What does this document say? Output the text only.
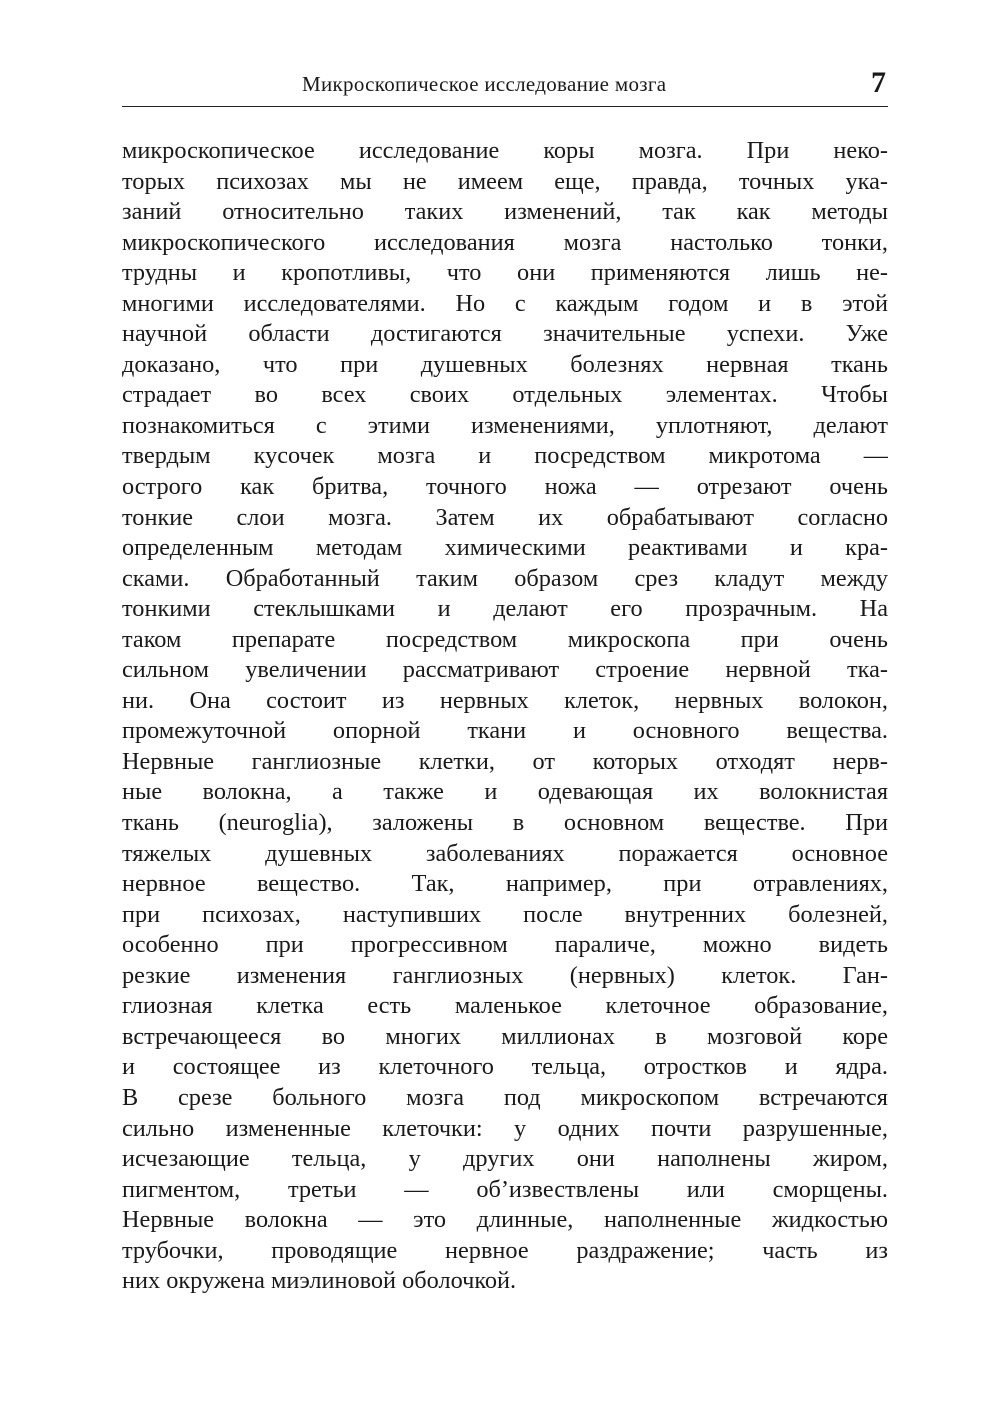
Микроскопическое исследование мозга	7
микроскопическое исследование коры мозга. При неко-
торых психозах мы не имеем еще, правда, точных ука-
заний относительно таких изменений, так как методы
микроскопического исследования мозга настолько тонки,
трудны и кропотливы, что они применяются лишь не-
многими исследователями. Но с каждым годом и в этой
научной области достигаются значительные успехи. Уже
доказано, что при душевных болезнях нервная ткань
страдает во всех своих отдельных элементах. Чтобы
познакомиться с этими изменениями, уплотняют, делают
твердым кусочек мозга и посредством микротома —
острого как бритва, точного ножа — отрезают очень
тонкие слои мозга. Затем их обрабатывают согласно
определенным методам химическими реактивами и кра-
сками. Обработанный таким образом срез кладут между
тонкими стеклышками и делают его прозрачным. На
таком препарате посредством микроскопа при очень
сильном увеличении рассматривают строение нервной тка-
ни. Она состоит из нервных клеток, нервных волокон,
промежуточной опорной ткани и основного вещества.
Нервные ганглиозные клетки, от которых отходят нерв-
ные волокна, а также и одевающая их волокнистая
ткань (neuroglia), заложены в основном веществе. При
тяжелых душевных заболеваниях поражается основное
нервное вещество. Так, например, при отравлениях,
при психозах, наступивших после внутренних болезней,
особенно при прогрессивном параличе, можно видеть
резкие изменения ганглиозных (нервных) клеток. Ган-
глиозная клетка есть маленькое клеточное образование,
встречающееся во многих миллионах в мозговой коре
и состоящее из клеточного тельца, отростков и ядра.
В срезе больного мозга под микроскопом встречаются
сильно измененные клеточки: у одних почти разрушенные,
исчезающие тельца, у других они наполнены жиром,
пигментом, третьи — об’извествлены или сморщены.
Нервные волокна — это длинные, наполненные жидкостью
трубочки, проводящие нервное раздражение; часть из
них окружена миэлиновой оболочкой.
